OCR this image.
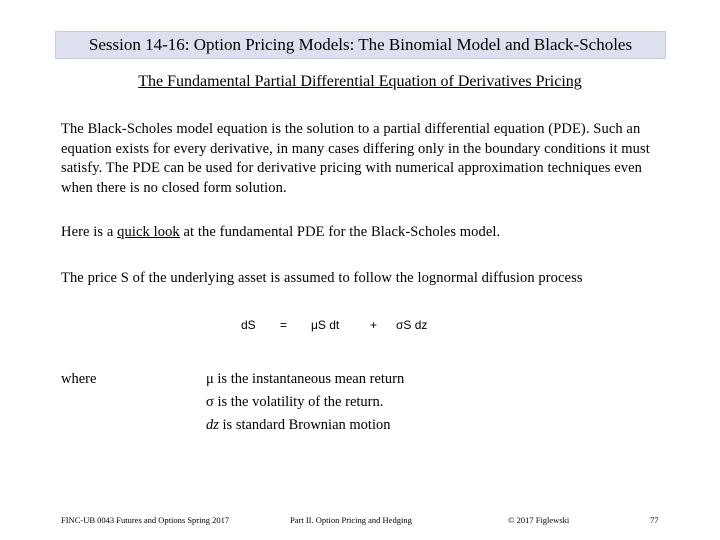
Session 14-16: Option Pricing Models: The Binomial Model and Black-Scholes
The Fundamental Partial Differential Equation of Derivatives Pricing
The Black-Scholes model equation is the solution to a partial differential equation (PDE). Such an equation exists for every derivative, in many cases differing only in the boundary conditions it must satisfy. The PDE can be used for derivative pricing with numerical approximation techniques even when there is no closed form solution.
Here is a quick look at the fundamental PDE for the Black-Scholes model.
The price S of the underlying asset is assumed to follow the lognormal diffusion process
dS = μS dt	+ σS dz
where	μ is the instantaneous mean return
σ is the volatility of the return.
dz is standard Brownian motion
FINC-UB 0043 Futures and Options Spring 2017	Part II. Option Pricing and Hedging	© 2017 Figlewski	77
